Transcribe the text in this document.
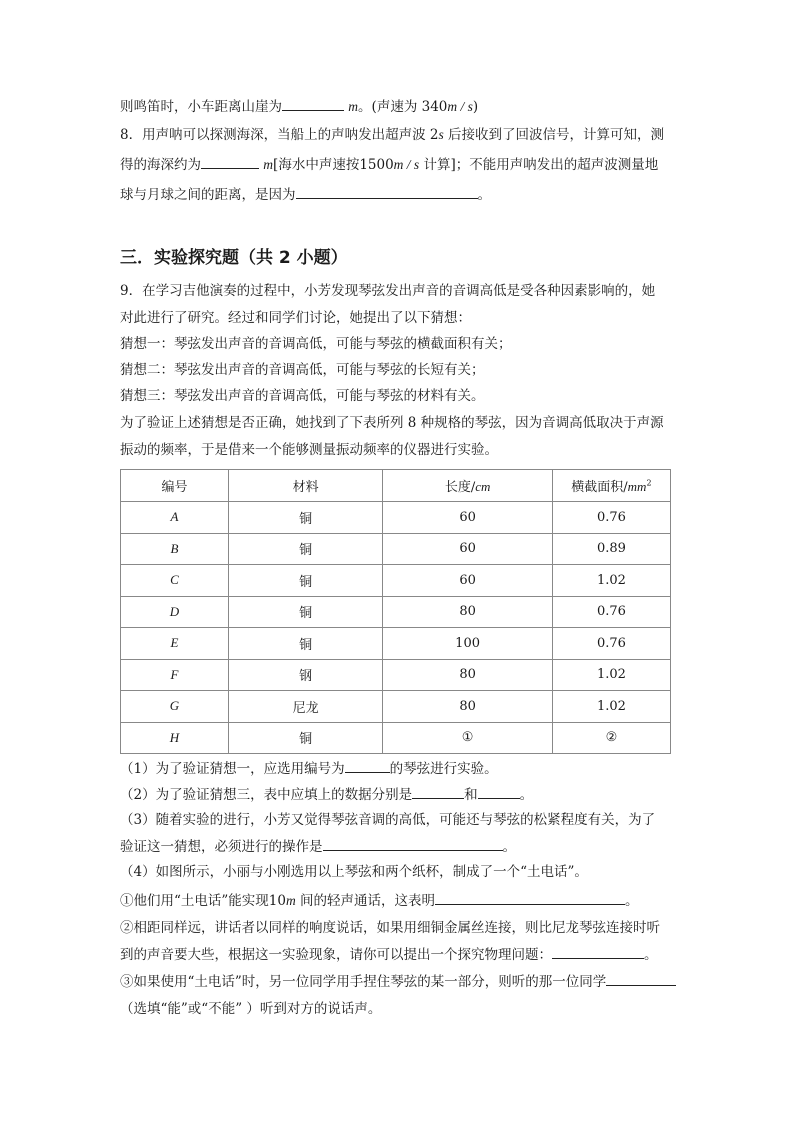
则鸣笛时，小车距离山崖为	m。(声速为 340m / s)
8．用声呐可以探测海深，当船上的声呐发出超声波 2s 后接收到了回波信号，计算可知，测
得的海深约为	m[海水中声速按1500m / s 计算]；不能用声呐发出的超声波测量地
球与月球之间的距离，是因为	。
三．实验探究题（共 2 小题）
9．在学习吉他演奏的过程中，小芳发现琴弦发出声音的音调高低是受各种因素影响的，她
对此进行了研究。经过和同学们讨论，她提出了以下猜想：
猜想一：琴弦发出声音的音调高低，可能与琴弦的横截面积有关；
猜想二：琴弦发出声音的音调高低，可能与琴弦的长短有关；
猜想三：琴弦发出声音的音调高低，可能与琴弦的材料有关。
为了验证上述猜想是否正确，她找到了下表所列 8 种规格的琴弦，因为音调高低取决于声源
振动的频率，于是借来一个能够测量振动频率的仪器进行实验。
编号	材料	长度/cm	横截面积$/mm^2$
A	铜	60	0.76
B	铜	60	0.89
C	铜	60	1.02
D	铜	80	0.76
E	铜	100	0.76
F	钢	80	1.02
G	尼龙	80	1.02
H	铜	①	②
（1）为了验证猜想一，应选用编号为	的琴弦进行实验。
（2）为了验证猜想三，表中应填上的数据分别是	和	。
（3）随着实验的进行，小芳又觉得琴弦音调的高低，可能还与琴弦的松紧程度有关，为了
验证这一猜想，必须进行的操作是	。
（4）如图所示，小丽与小刚选用以上琴弦和两个纸杯，制成了一个“土电话”。
①他们用“土电话”能实现10m 间的轻声通话，这表明	。
②相距同样远，讲话者以同样的响度说话，如果用细铜金属丝连接，则比尼龙琴弦连接时听
到的声音要大些，根据这一实验现象，请你可以提出一个探究物理问题：	。
③如果使用“土电话”时，另一位同学用手捏住琴弦的某一部分，则听的那一位同学
（选填“能”或“不能” ）听到对方的说话声。
